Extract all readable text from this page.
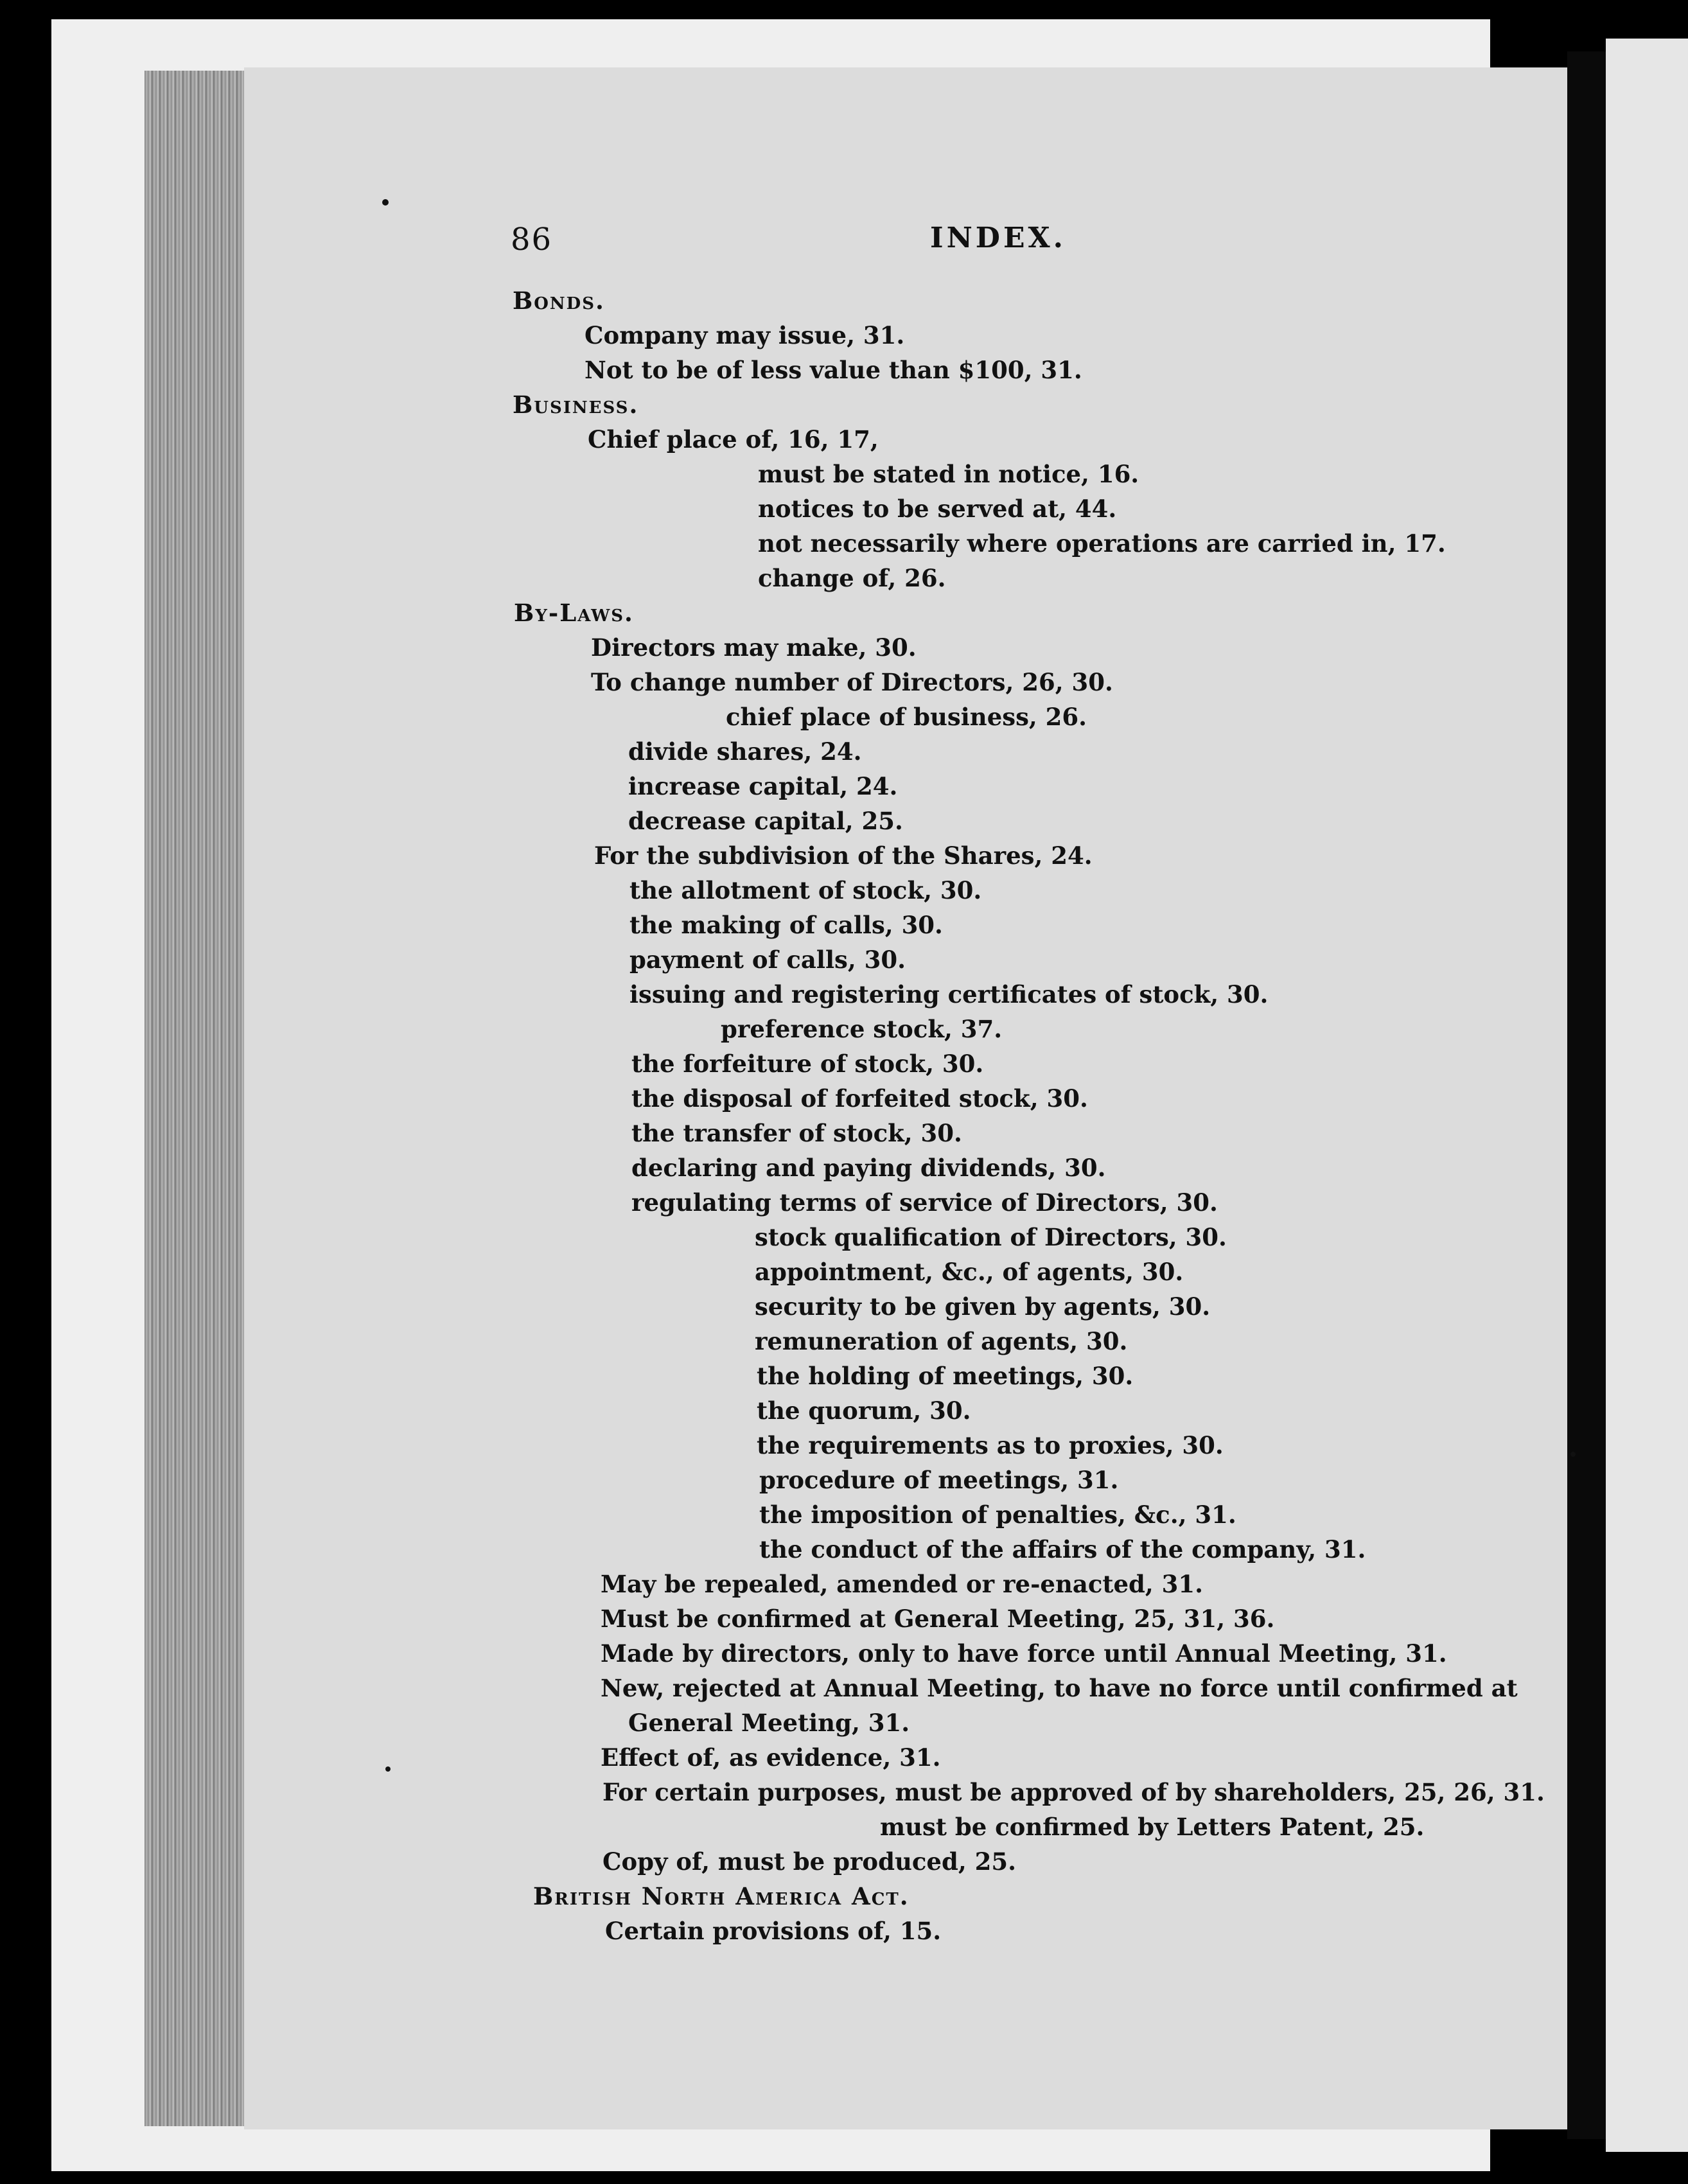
86	INDEX.
Bonds.
Company may issue, 31.
Not to be of less value than $100, 31.
Business.
Chief place of, 16, 17,
must be stated in notice, 16.
notices to be served at, 44.
not necessarily where operations are carried in, 17.
change of, 26.
By-Laws.
Directors may make, 30.
To change number of Directors, 26, 30.
chief place of business, 26.
divide shares, 24.
increase capital, 24.
decrease capital, 25.
For the subdivision of the Shares, 24.
the allotment of stock, 30.
the making of calls, 30.
payment of calls, 30.
issuing and registering certificates of stock, 30.
preference stock, 37.
the forfeiture of stock, 30.
the disposal of forfeited stock, 30.
the transfer of stock, 30.
declaring and paying dividends, 30.
regulating terms of service of Directors, 30.
stock qualification of Directors, 30.
appointment, &c., of agents, 30.
security to be given by agents, 30.
remuneration of agents, 30.
the holding of meetings, 30.
the quorum, 30.
the requirements as to proxies, 30.
procedure of meetings, 31.
the imposition of penalties, &c., 31.
the conduct of the affairs of the company, 31.
May be repealed, amended or re-enacted, 31.
Must be confirmed at General Meeting, 25, 31, 36.
Made by directors, only to have force until Annual Meeting, 31.
New, rejected at Annual Meeting, to have no force until confirmed at
General Meeting, 31.
Effect of, as evidence, 31.
For certain purposes, must be approved of by shareholders, 25, 26, 31.
must be confirmed by Letters Patent, 25.
Copy of, must be produced, 25.
British North America Act.
Certain provisions of, 15.
